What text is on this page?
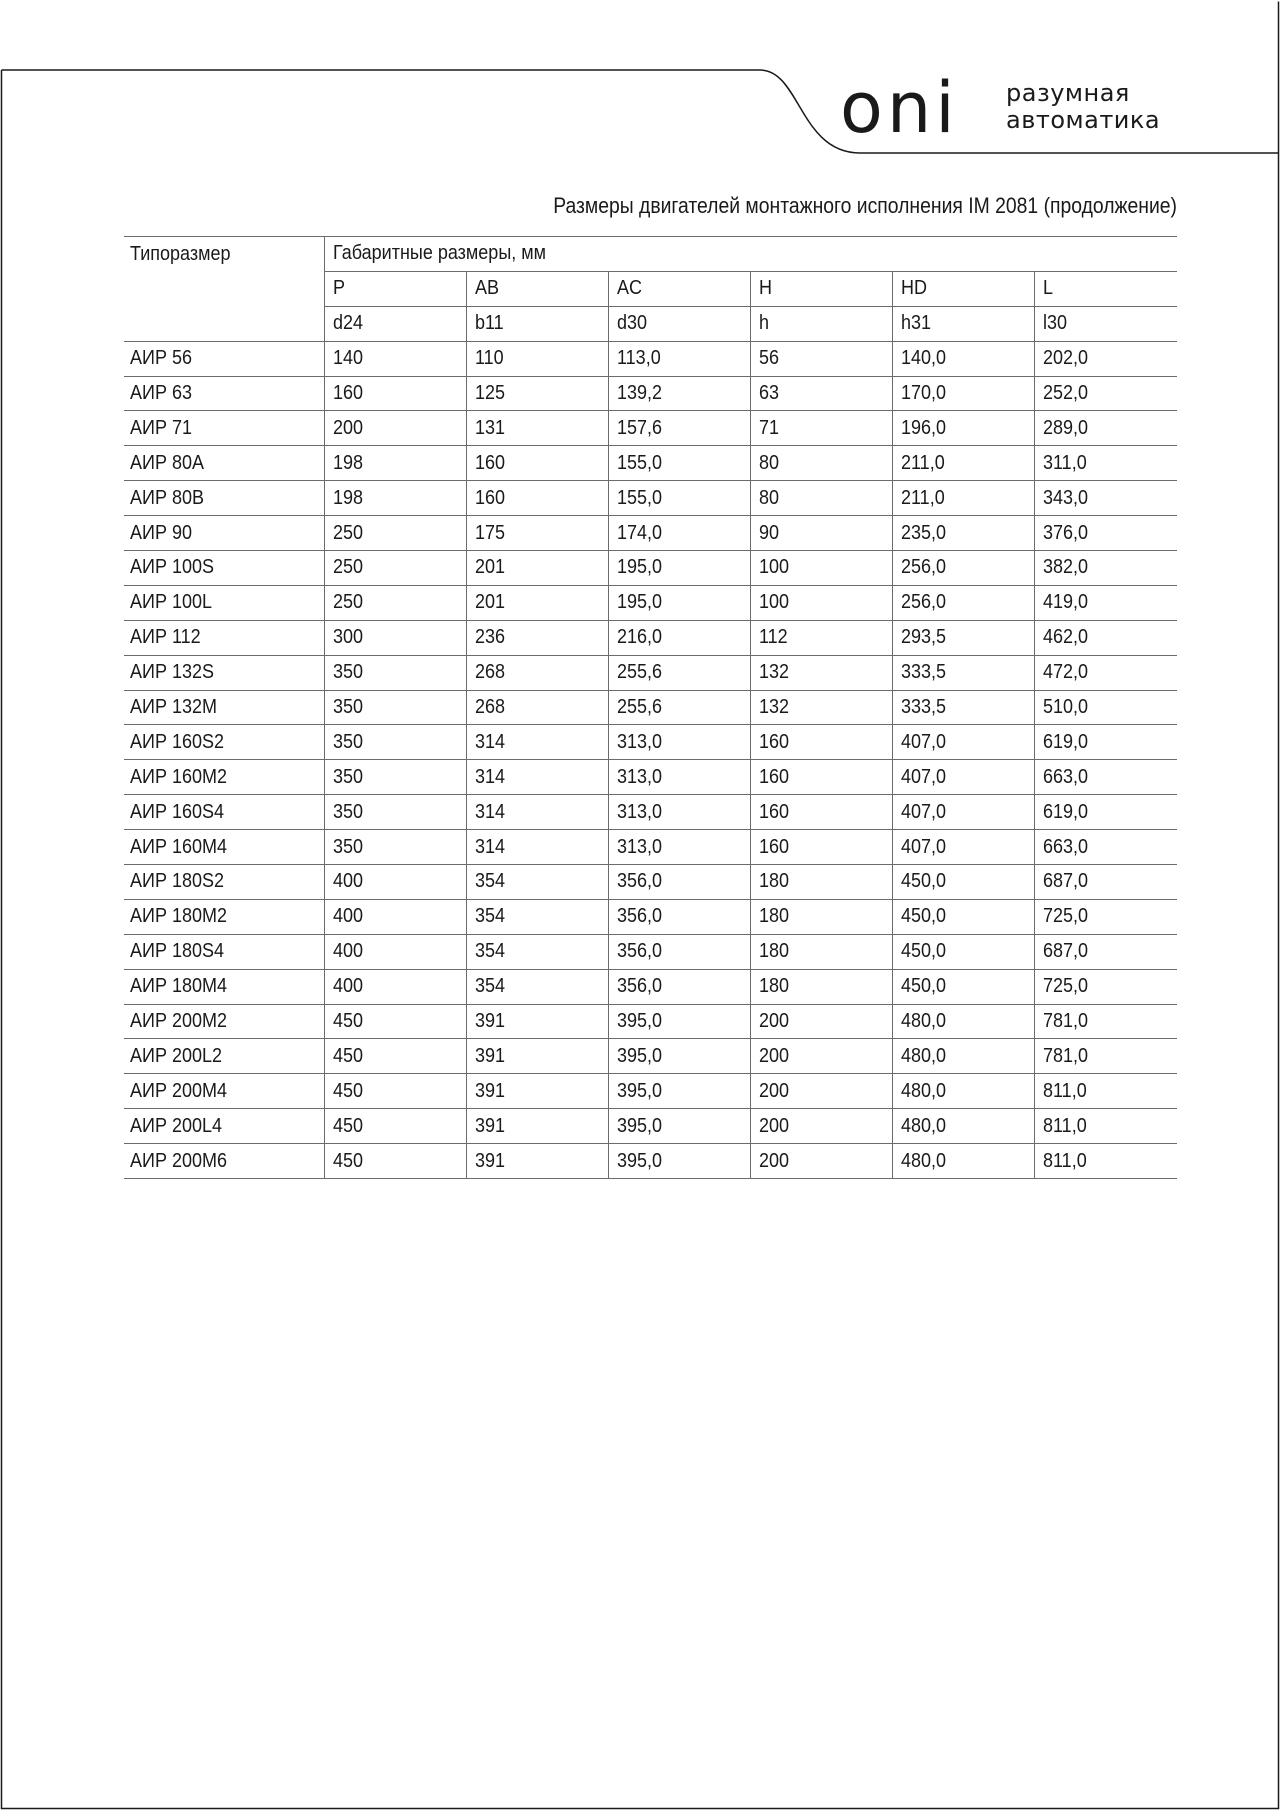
oni разумная
автоматика
Размеры двигателей монтажного исполнения IM 2081 (продолжение)
Типоразмер	Габаритные размеры, мм					
	P	AB	AC	H	HD	L
	d24	b11	d30	h	h31	l30
АИР 56	140	110	113,0	56	140,0	202,0
АИР 63	160	125	139,2	63	170,0	252,0
АИР 71	200	131	157,6	71	196,0	289,0
АИР 80А	198	160	155,0	80	211,0	311,0
АИР 80В	198	160	155,0	80	211,0	343,0
АИР 90	250	175	174,0	90	235,0	376,0
АИР 100S	250	201	195,0	100	256,0	382,0
АИР 100L	250	201	195,0	100	256,0	419,0
АИР 112	300	236	216,0	112	293,5	462,0
АИР 132S	350	268	255,6	132	333,5	472,0
АИР 132М	350	268	255,6	132	333,5	510,0
АИР 160S2	350	314	313,0	160	407,0	619,0
АИР 160М2	350	314	313,0	160	407,0	663,0
АИР 160S4	350	314	313,0	160	407,0	619,0
АИР 160М4	350	314	313,0	160	407,0	663,0
АИР 180S2	400	354	356,0	180	450,0	687,0
АИР 180М2	400	354	356,0	180	450,0	725,0
АИР 180S4	400	354	356,0	180	450,0	687,0
АИР 180М4	400	354	356,0	180	450,0	725,0
АИР 200М2	450	391	395,0	200	480,0	781,0
АИР 200L2	450	391	395,0	200	480,0	781,0
АИР 200М4	450	391	395,0	200	480,0	811,0
АИР 200L4	450	391	395,0	200	480,0	811,0
АИР 200М6	450	391	395,0	200	480,0	811,0
